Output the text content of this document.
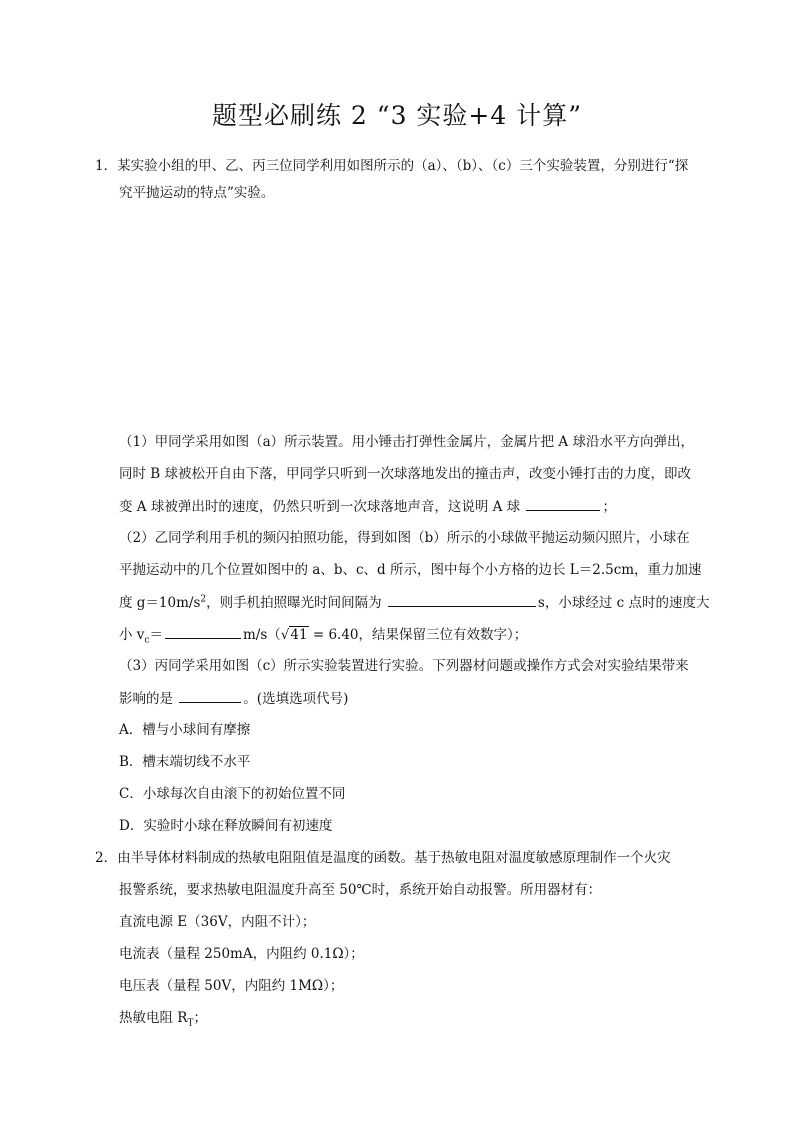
题型必刷练 2 “3 实验+4 计算”
1．某实验小组的甲、乙、丙三位同学利用如图所示的（a）、（b）、（c）三个实验装置，分别进行“探
究平抛运动的特点”实验。
（1）甲同学采用如图（a）所示装置。用小锤击打弹性金属片，金属片把 A 球沿水平方向弹出，
同时 B 球被松开自由下落，甲同学只听到一次球落地发出的撞击声，改变小锤打击的力度，即改
变 A 球被弹出时的速度，仍然只听到一次球落地声音，这说明 A 球	；
（2）乙同学利用手机的频闪拍照功能，得到如图（b）所示的小球做平抛运动频闪照片，小球在
平抛运动中的几个位置如图中的 a、b、c、d 所示，图中每个小方格的边长 L＝2.5cm，重力加速
度 $g=10m/s^2$，则手机拍照曝光时间间隔为	s，小球经过 c 点时的速度大
小 $v_c=$	m/s（√41 = 6.40，结果保留三位有效数字）；
（3）丙同学采用如图（c）所示实验装置进行实验。下列器材问题或操作方式会对实验结果带来
影响的是	。(选填选项代号)
A．槽与小球间有摩擦
B．槽末端切线不水平
C．小球每次自由滚下的初始位置不同
D．实验时小球在释放瞬间有初速度
2．由半导体材料制成的热敏电阻阻值是温度的函数。基于热敏电阻对温度敏感原理制作一个火灾
报警系统，要求热敏电阻温度升高至 50℃时，系统开始自动报警。所用器材有：
直流电源 E（36V，内阻不计）；
电流表（量程 250mA，内阻约 0.1Ω）；
电压表（量程 50V，内阻约 1MΩ）；
热敏电阻 $R_T$；
